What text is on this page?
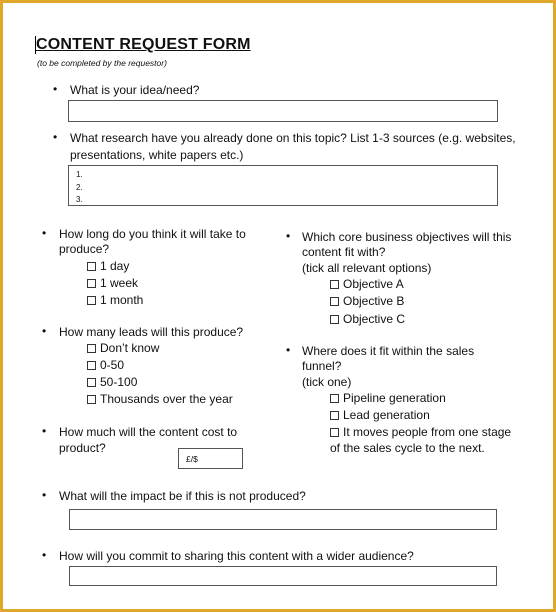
CONTENT REQUEST FORM
(to be completed by the requestor)
• What is your idea/need?
• What research have you already done on this topic? List 1-3 sources (e.g. websites,
presentations, white papers etc.)
1.
2.
3.
• How long do you think it will take to
produce?
1 day
1 week
1 month
• Which core business objectives will this
content fit with?
(tick all relevant options)
Objective A
Objective B
Objective C
• How many leads will this produce?
Don’t know
0-50
50-100
Thousands over the year
• Where does it fit within the sales
funnel?
(tick one)
Pipeline generation
Lead generation
It moves people from one stage
of the sales cycle to the next.
• How much will the content cost to
product?
£/$
• What will the impact be if this is not produced?
• How will you commit to sharing this content with a wider audience?
